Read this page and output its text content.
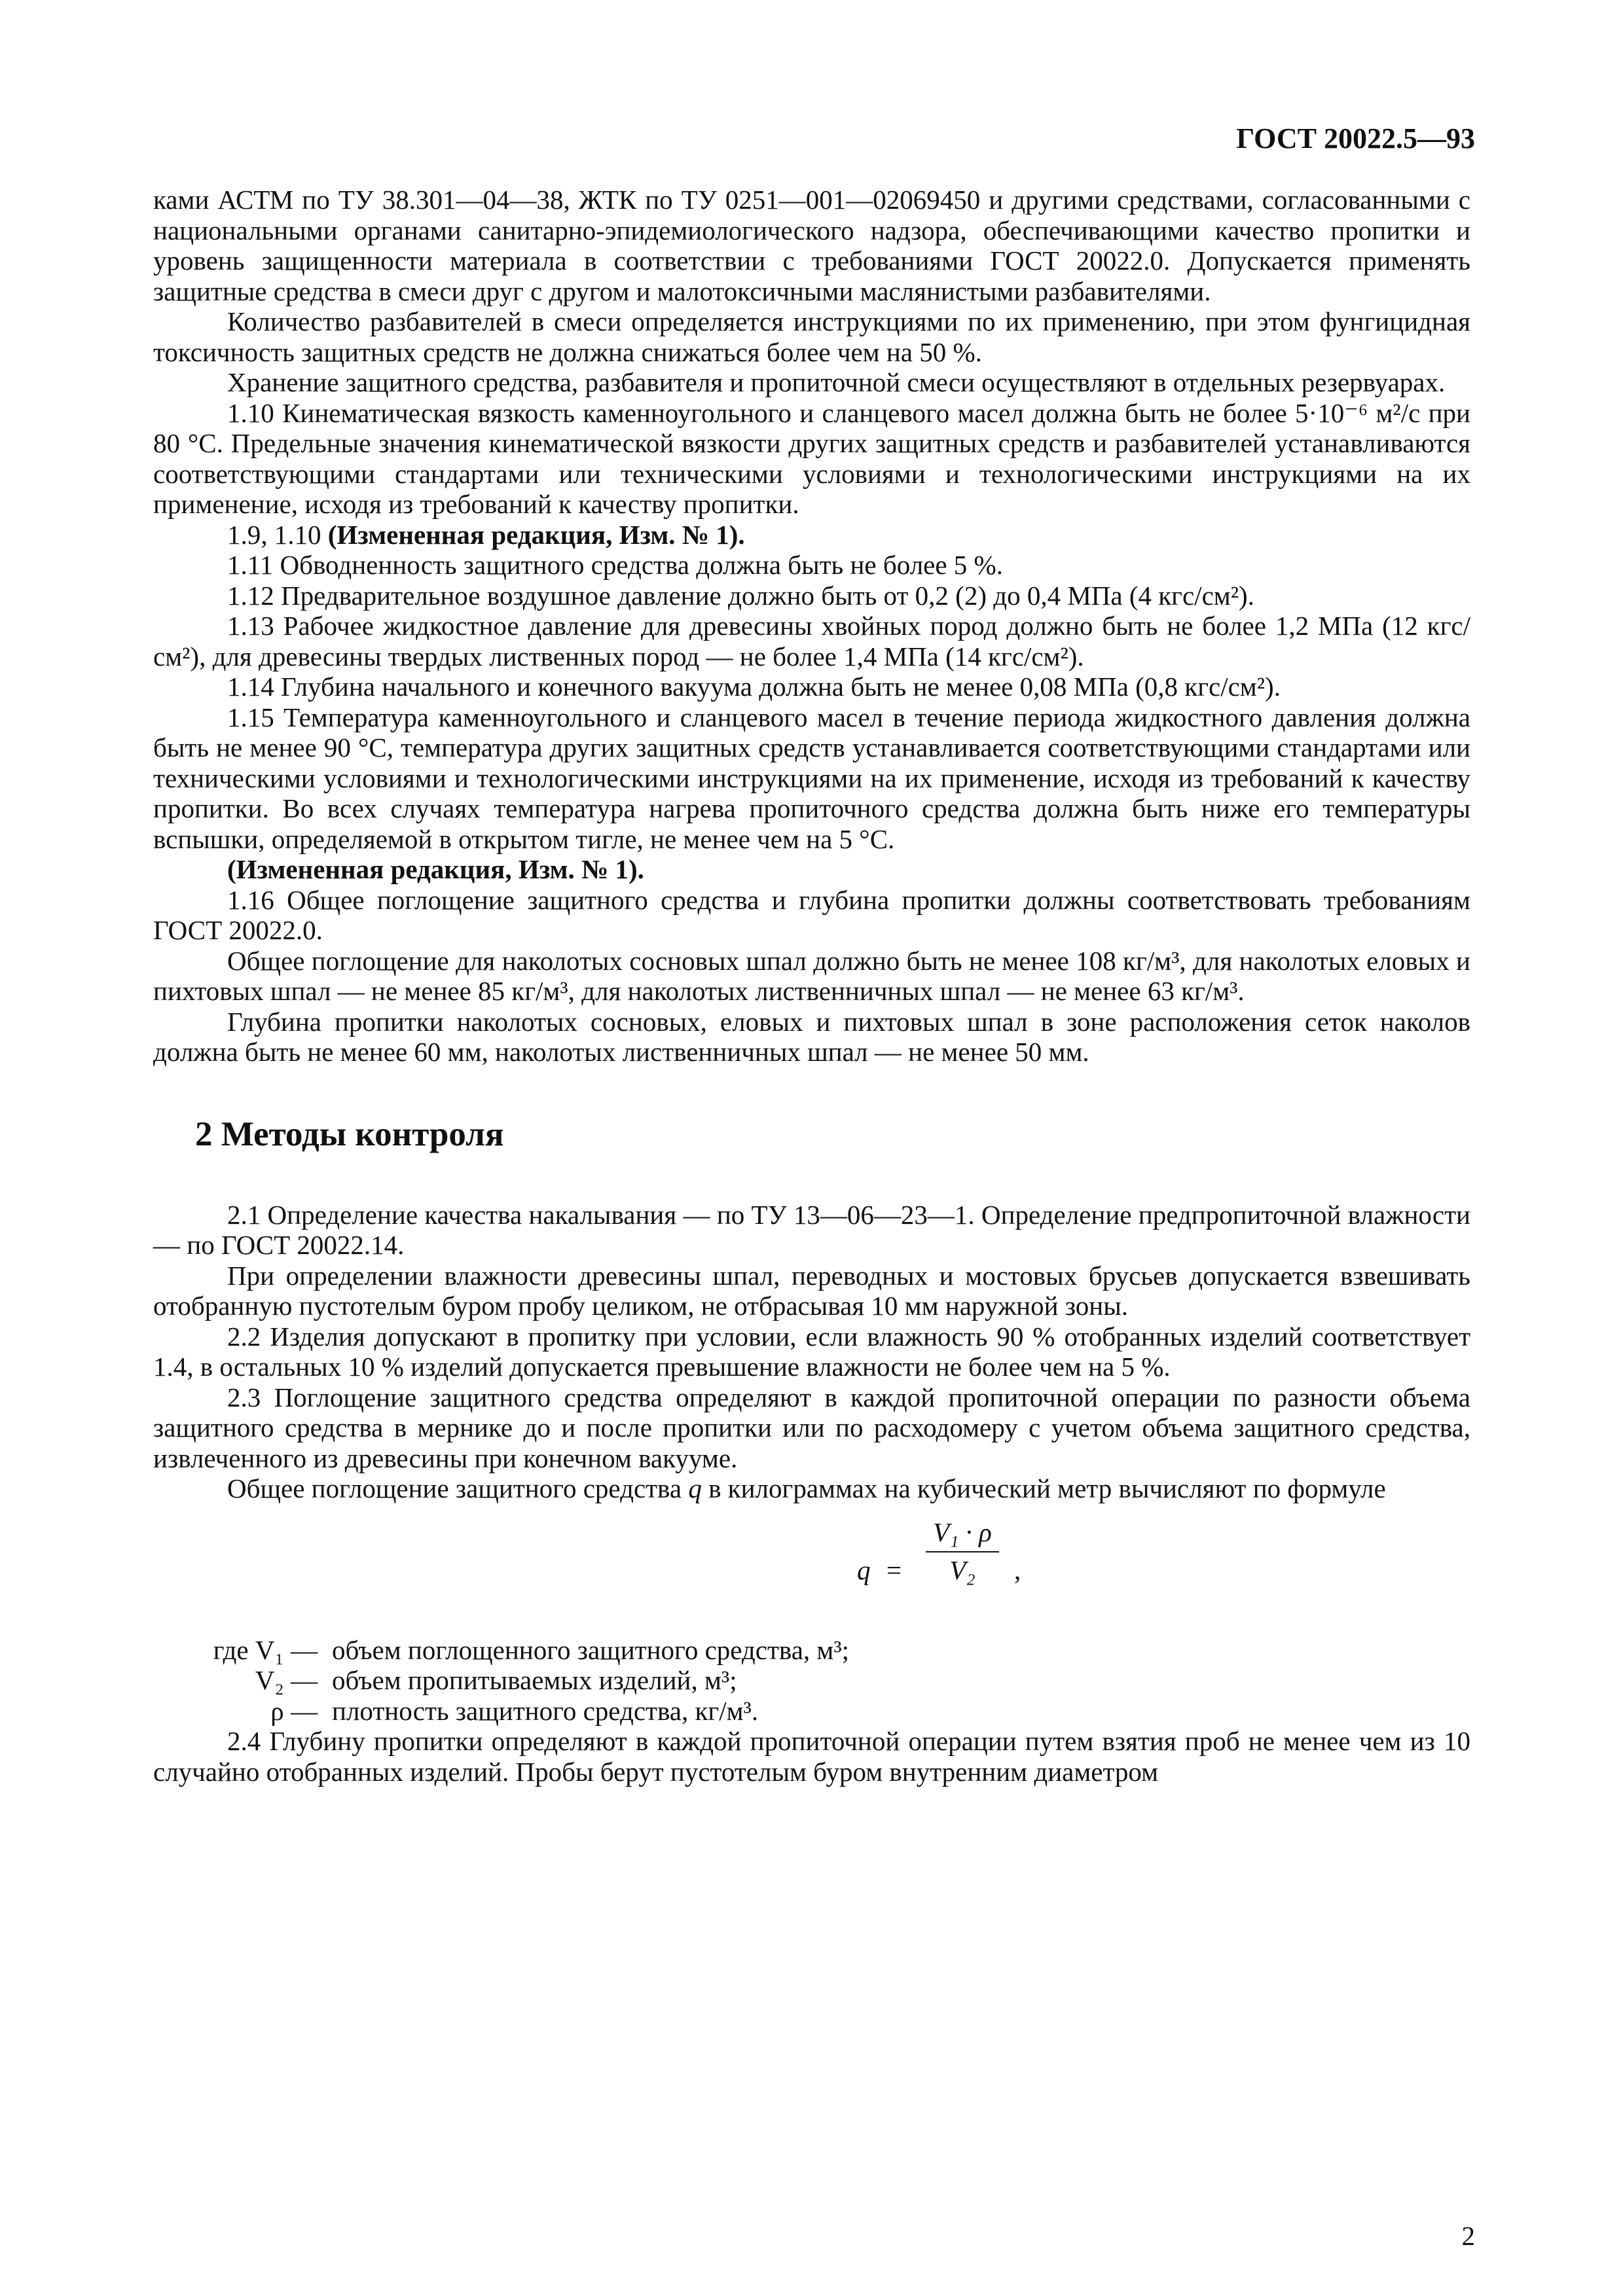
ГОСТ 20022.5—93

ками АСТМ по ТУ 38.301—04—38, ЖТК по ТУ 0251—001—02069450 и другими средствами, согласованными с национальными органами санитарно-эпидемиологического надзора, обеспечивающими качество пропитки и уровень защищенности материала в соответствии с требованиями ГОСТ 20022.0. Допускается применять защитные средства в смеси друг с другом и малотоксичными маслянистыми разбавителями.

Количество разбавителей в смеси определяется инструкциями по их применению, при этом фунгицидная токсичность защитных средств не должна снижаться более чем на 50 %.

Хранение защитного средства, разбавителя и пропиточной смеси осуществляют в отдельных резервуарах.

1.10 Кинематическая вязкость каменноугольного и сланцевого масел должна быть не более 5·10⁻⁶ м²/с при 80 °С. Предельные значения кинематической вязкости других защитных средств и разбавителей устанавливаются соответствующими стандартами или техническими условиями и технологическими инструкциями на их применение, исходя из требований к качеству пропитки.

1.9, 1.10 (Измененная редакция, Изм. № 1).

1.11 Обводненность защитного средства должна быть не более 5 %.

1.12 Предварительное воздушное давление должно быть от 0,2 (2) до 0,4 МПа (4 кгс/см²).

1.13 Рабочее жидкостное давление для древесины хвойных пород должно быть не более 1,2 МПа (12 кгс/см²), для древесины твердых лиственных пород — не более 1,4 МПа (14 кгс/см²).

1.14 Глубина начального и конечного вакуума должна быть не менее 0,08 МПа (0,8 кгс/см²).

1.15 Температура каменноугольного и сланцевого масел в течение периода жидкостного давления должна быть не менее 90 °С, температура других защитных средств устанавливается соответствующими стандартами или техническими условиями и технологическими инструкциями на их применение, исходя из требований к качеству пропитки. Во всех случаях температура нагрева пропиточного средства должна быть ниже его температуры вспышки, определяемой в открытом тигле, не менее чем на 5 °С.

(Измененная редакция, Изм. № 1).

1.16 Общее поглощение защитного средства и глубина пропитки должны соответствовать требованиям ГОСТ 20022.0.

Общее поглощение для наколотых сосновых шпал должно быть не менее 108 кг/м³, для наколотых еловых и пихтовых шпал — не менее 85 кг/м³, для наколотых лиственничных шпал — не менее 63 кг/м³.

Глубина пропитки наколотых сосновых, еловых и пихтовых шпал в зоне расположения сеток наколов должна быть не менее 60 мм, наколотых лиственничных шпал — не менее 50 мм.

2 Методы контроля

2.1 Определение качества накалывания — по ТУ 13—06—23—1. Определение предпропиточной влажности — по ГОСТ 20022.14.

При определении влажности древесины шпал, переводных и мостовых брусьев допускается взвешивать отобранную пустотелым буром пробу целиком, не отбрасывая 10 мм наружной зоны.

2.2 Изделия допускают в пропитку при условии, если влажность 90 % отобранных изделий соответствует 1.4, в остальных 10 % изделий допускается превышение влажности не более чем на 5 %.

2.3 Поглощение защитного средства определяют в каждой пропиточной операции по разности объема защитного средства в мернике до и после пропитки или по расходомеру с учетом объема защитного средства, извлеченного из древесины при конечном вакууме.

Общее поглощение защитного средства q в килограммах на кубический метр вычисляют по формуле

q =
V₁ · ρ
V₂	,
где V₁ — объем поглощенного защитного средства, м³;
V₂ — объем пропитываемых изделий, м³;
ρ — плотность защитного средства, кг/м³.

2.4 Глубину пропитки определяют в каждой пропиточной операции путем взятия проб не менее чем из 10 случайно отобранных изделий. Пробы берут пустотелым буром внутренним диаметром

2
